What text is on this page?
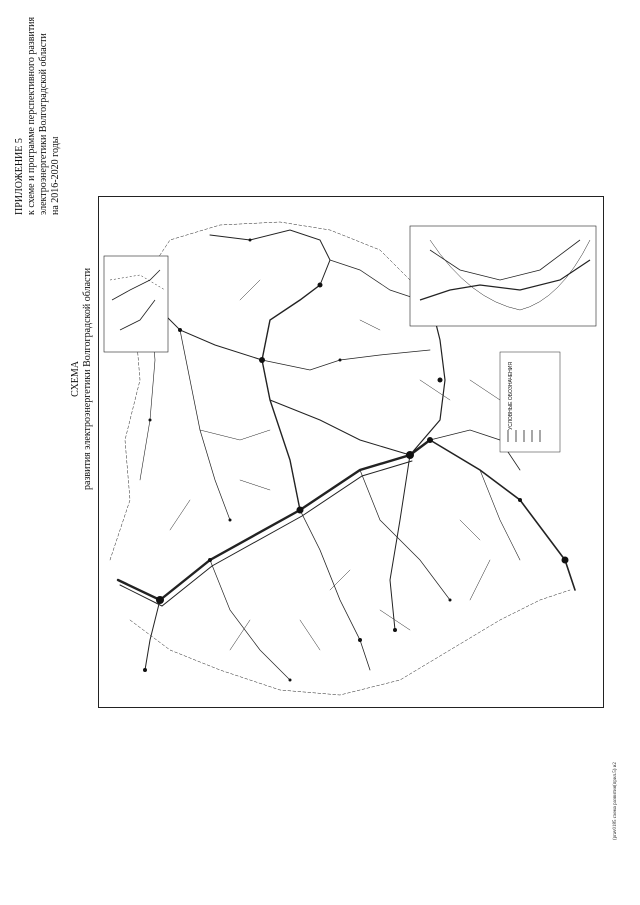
ПРИЛОЖЕНИЕ 5 к схеме и программе перспективного развития электроэнергетики Волгоградской области на 2016-2020 годы
СХЕМА развития электроэнергетики Волгоградской области	УСЛОВНЫЕ ОБОЗНАЧЕНИЯ
(prav0185 схема развития(прил.5) и2
